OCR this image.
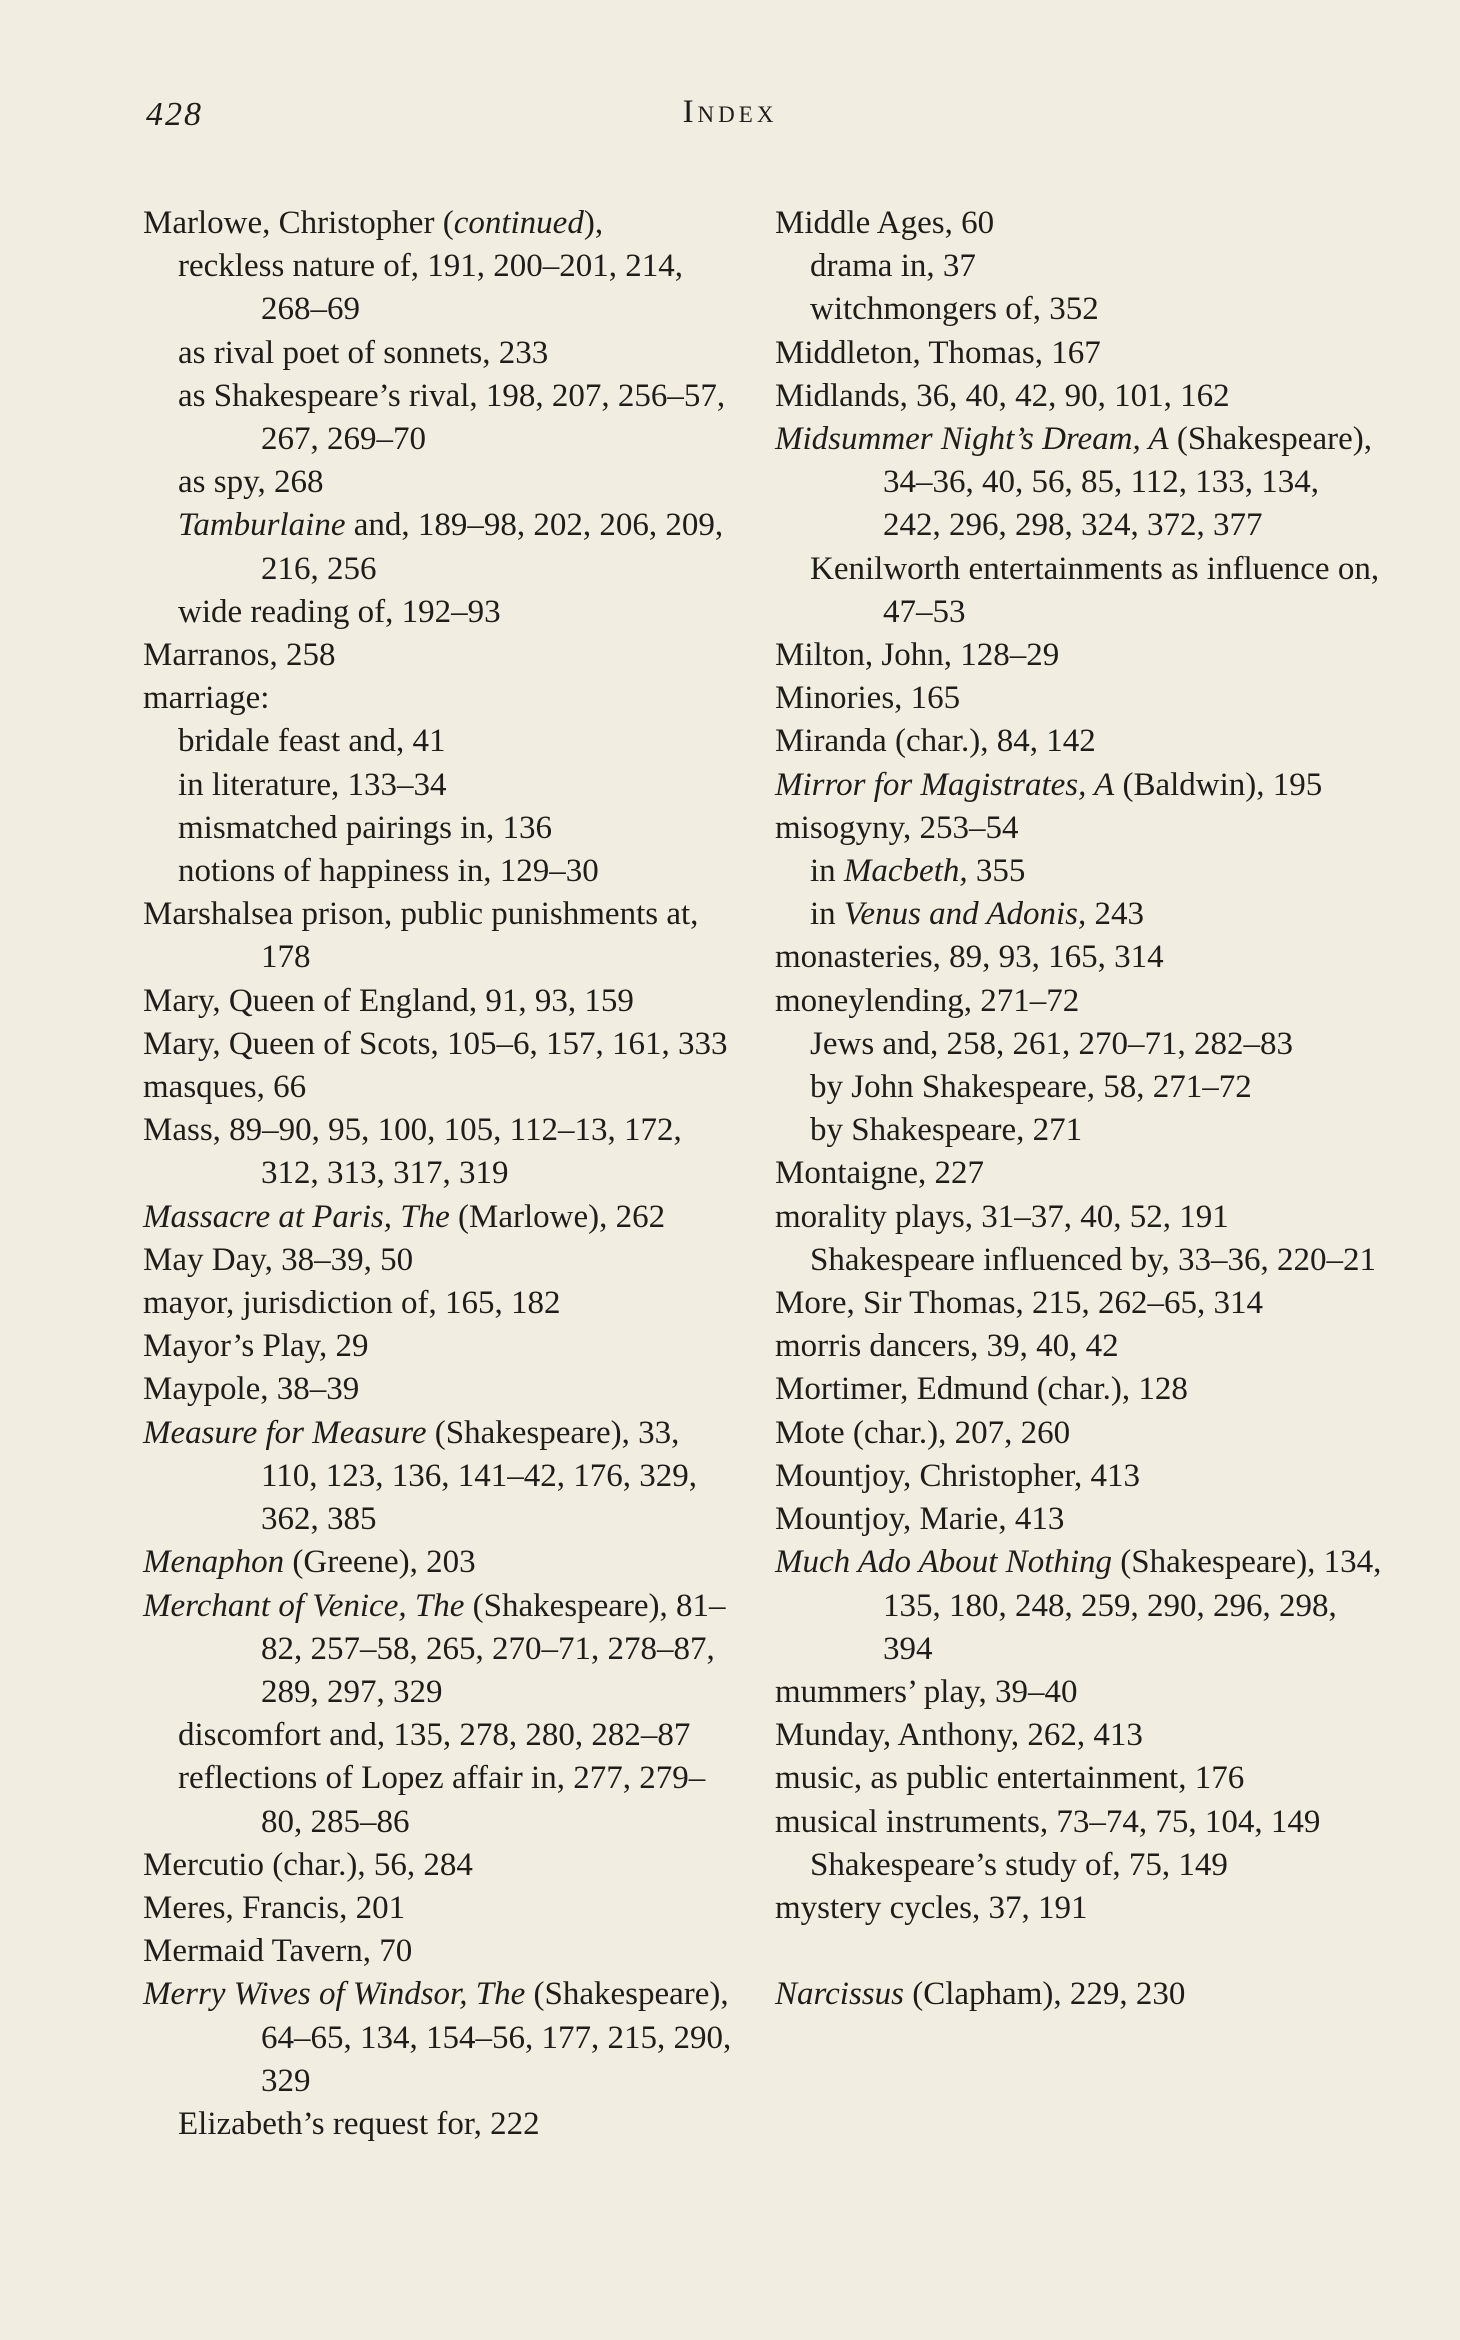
428	Index

Marlowe, Christopher (continued),

reckless nature of, 191, 200–201, 214, 268–69

as rival poet of sonnets, 233

as Shakespeare’s rival, 198, 207, 256–57, 267, 269–70

as spy, 268

Tamburlaine and, 189–98, 202, 206, 209, 216, 256

wide reading of, 192–93

Marranos, 258

marriage:

bridale feast and, 41

in literature, 133–34

mismatched pairings in, 136

notions of happiness in, 129–30

Marshalsea prison, public punishments at, 178

Mary, Queen of England, 91, 93, 159

Mary, Queen of Scots, 105–6, 157, 161, 333

masques, 66

Mass, 89–90, 95, 100, 105, 112–13, 172, 312, 313, 317, 319

Massacre at Paris, The (Marlowe), 262

May Day, 38–39, 50

mayor, jurisdiction of, 165, 182

Mayor’s Play, 29

Maypole, 38–39

Measure for Measure (Shakespeare), 33, 110, 123, 136, 141–42, 176, 329, 362, 385

Menaphon (Greene), 203

Merchant of Venice, The (Shakespeare), 81–82, 257–58, 265, 270–71, 278–87, 289, 297, 329

discomfort and, 135, 278, 280, 282–87

reflections of Lopez affair in, 277, 279–80, 285–86

Mercutio (char.), 56, 284

Meres, Francis, 201

Mermaid Tavern, 70

Merry Wives of Windsor, The (Shakespeare), 64–65, 134, 154–56, 177, 215, 290, 329

Elizabeth’s request for, 222

Middle Ages, 60

drama in, 37

witchmongers of, 352

Middleton, Thomas, 167

Midlands, 36, 40, 42, 90, 101, 162

Midsummer Night’s Dream, A (Shakespeare), 34–36, 40, 56, 85, 112, 133, 134, 242, 296, 298, 324, 372, 377

Kenilworth entertainments as influence on, 47–53

Milton, John, 128–29

Minories, 165

Miranda (char.), 84, 142

Mirror for Magistrates, A (Baldwin), 195

misogyny, 253–54

in Macbeth, 355

in Venus and Adonis, 243

monasteries, 89, 93, 165, 314

moneylending, 271–72

Jews and, 258, 261, 270–71, 282–83

by John Shakespeare, 58, 271–72

by Shakespeare, 271

Montaigne, 227

morality plays, 31–37, 40, 52, 191

Shakespeare influenced by, 33–36, 220–21

More, Sir Thomas, 215, 262–65, 314

morris dancers, 39, 40, 42

Mortimer, Edmund (char.), 128

Mote (char.), 207, 260

Mountjoy, Christopher, 413

Mountjoy, Marie, 413

Much Ado About Nothing (Shakespeare), 134, 135, 180, 248, 259, 290, 296, 298, 394

mummers’ play, 39–40

Munday, Anthony, 262, 413

music, as public entertainment, 176

musical instruments, 73–74, 75, 104, 149

Shakespeare’s study of, 75, 149

mystery cycles, 37, 191

Narcissus (Clapham), 229, 230
